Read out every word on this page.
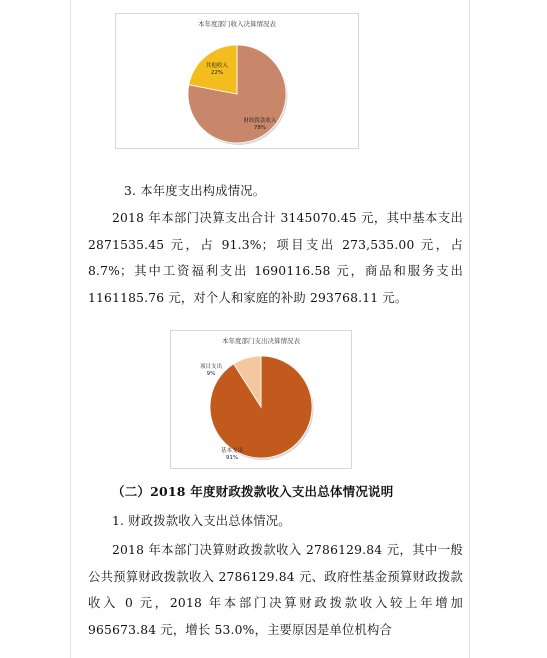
本年度部门收入决算情况表
财政拨款收入
78%
其他收入
22%

3. 本年度支出构成情况。

2018 年本部门决算支出合计 3145070.45 元，其中基本支出 2871535.45 元，占 91.3%；项目支出 273,535.00 元，占 8.7%；其中工资福利支出 1690116.58 元，商品和服务支出 1161185.76 元，对个人和家庭的补助 293768.11 元。

本年度部门支出决算情况表
基本支出
91%
项目支出
9%

（二）2018 年度财政拨款收入支出总体情况说明

1. 财政拨款收入支出总体情况。

2018 年本部门决算财政拨款收入 2786129.84 元，其中一般公共预算财政拨款收入 2786129.84 元、政府性基金预算财政拨款收入 0 元，2018 年本部门决算财政拨款收入较上年增加 965673.84 元，增长 53.0%，主要原因是单位机构合
